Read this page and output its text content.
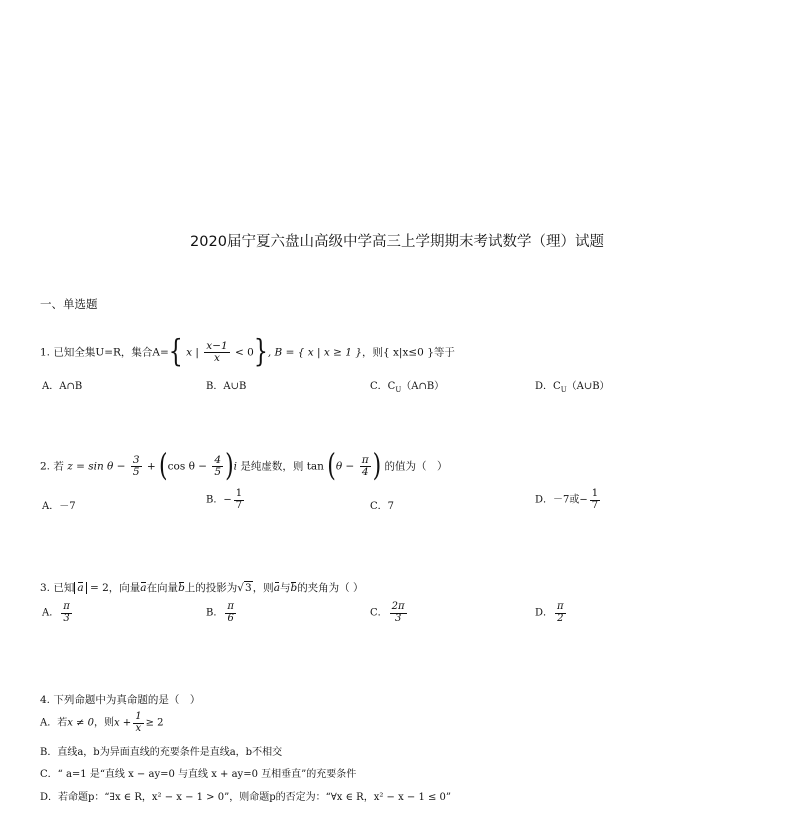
2020届宁夏六盘山高级中学高三上学期期末考试数学（理）试题
一、单选题
1. 已知全集U=R，集合A={ x | $\frac{x-1}{x} < 0$}, B = { x | x ≥ 1 }，则{ x|x≤0 }等于
A．A∩B	B．A∪B	C．$C_U(A\cap B)$	D．$C_U(A\cup B)$
2. 若 $z = \sin \theta - \frac{3}{5} + (\cos$ $\theta - \frac{4}{5} )i$ 是纯虚数，则 $\tan (\theta - \frac{\pi}{4}$ ) 的值为（　）
A．－7
B．− $\frac{1}{7}$	C．7
D．－7或− $\frac{1}{7}$
3. 已知 a = 2，向量a在向量b上的投影为√3，则a与b的夹角为（ ）
A． $\frac{\pi}{3}$	B． $\frac{\pi}{6}$	C． $\frac{2\pi}{3}$	D． $\frac{\pi}{2}$
4. 下列命题中为真命题的是（　）
A．若x ≠ 0，则$x + \frac{1}{x} \ge 2$
B．直线a，b为异面直线的充要条件是直线a，b不相交
C．“ a=1 是“直线 x − ay=0 与直线 x + ay=0 互相垂直”的充要条件
D．若命题p：“∃x ∈ R，x² − x − 1 > 0”，则命题p的否定为：“∀x ∈ R，x² − x − 1 ≤ 0”
